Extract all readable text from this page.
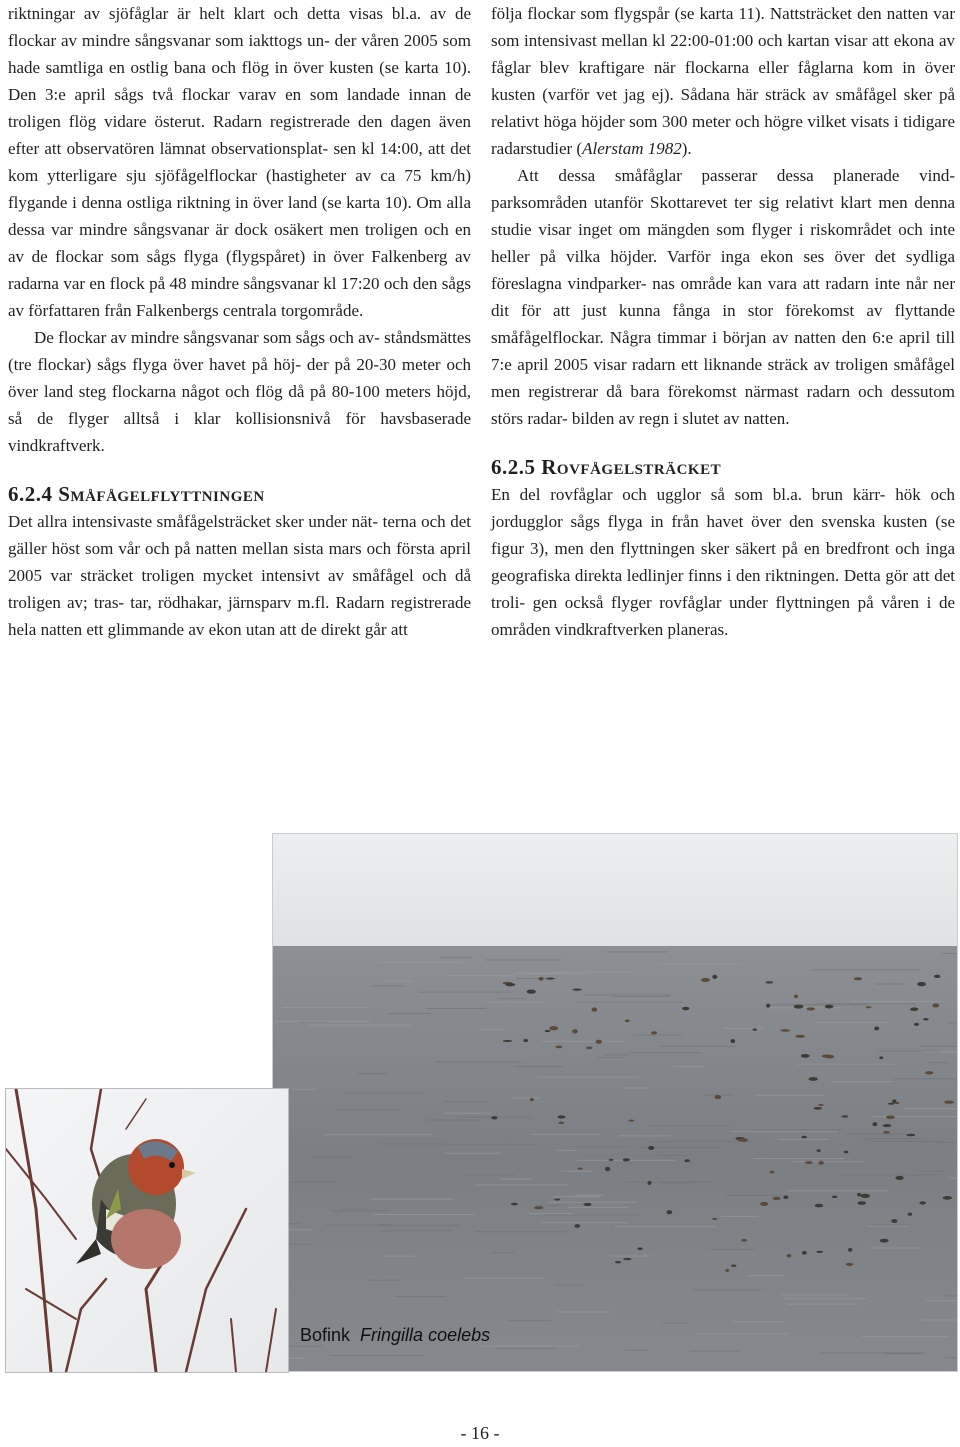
riktningar av sjöfåglar är helt klart och detta visas bl.a. av de flockar av mindre sångsvanar som iakttogs un- der våren 2005 som hade samtliga en ostlig bana och flög in över kusten (se karta 10). Den 3:e april sågs två flockar varav en som landade innan de troligen flög vidare österut. Radarn registrerade den dagen även efter att observatören lämnat observationsplat- sen kl 14:00, att det kom ytterligare sju sjöfågelflockar (hastigheter av ca 75 km/h) flygande i denna ostliga riktning in över land (se karta 10). Om alla dessa var mindre sångsvanar är dock osäkert men troligen och en av de flockar som sågs flyga (flygspåret) in över Falkenberg av radarna var en flock på 48 mindre sångsvanar kl 17:20 och den sågs av författaren från Falkenbergs centrala torgområde.

De flockar av mindre sångsvanar som sågs och av- ståndsmättes (tre flockar) sågs flyga över havet på höj- der på 20-30 meter och över land steg flockarna något och flög då på 80-100 meters höjd, så de flyger alltså i klar kollisionsnivå för havsbaserade vindkraftverk.

6.2.4 Småfågelflyttningen

Det allra intensivaste småfågelsträcket sker under nät- terna och det gäller höst som vår och på natten mellan sista mars och första april 2005 var sträcket troligen mycket intensivt av småfågel och då troligen av; tras- tar, rödhakar, järnsparv m.fl. Radarn registrerade hela natten ett glimmande av ekon utan att de direkt går att

följa flockar som flygspår (se karta 11). Nattsträcket den natten var som intensivast mellan kl 22:00-01:00 och kartan visar att ekona av fåglar blev kraftigare när flockarna eller fåglarna kom in över kusten (varför vet jag ej). Sådana här sträck av småfågel sker på relativt höga höjder som 300 meter och högre vilket visats i tidigare radarstudier (Alerstam 1982).

Att dessa småfåglar passerar dessa planerade vind- parksområden utanför Skottarevet ter sig relativt klart men denna studie visar inget om mängden som flyger i riskområdet och inte heller på vilka höjder. Varför inga ekon ses över det sydliga föreslagna vindparker- nas område kan vara att radarn inte når ner dit för att just kunna fånga in stor förekomst av flyttande småfågelflockar. Några timmar i början av natten den 6:e april till 7:e april 2005 visar radarn ett liknande sträck av troligen småfågel men registrerar då bara förekomst närmast radarn och dessutom störs radar- bilden av regn i slutet av natten.

6.2.5 Rovfågelsträcket

En del rovfåglar och ugglor så som bl.a. brun kärr- hök och jordugglor sågs flyga in från havet över den svenska kusten (se figur 3), men den flyttningen sker säkert på en bredfront och inga geografiska direkta ledlinjer finns i den riktningen. Detta gör att det troli- gen också flyger rovfåglar under flyttningen på våren i de områden vindkraftverken planeras.

Bofink Fringilla coelebs
- 16 -
